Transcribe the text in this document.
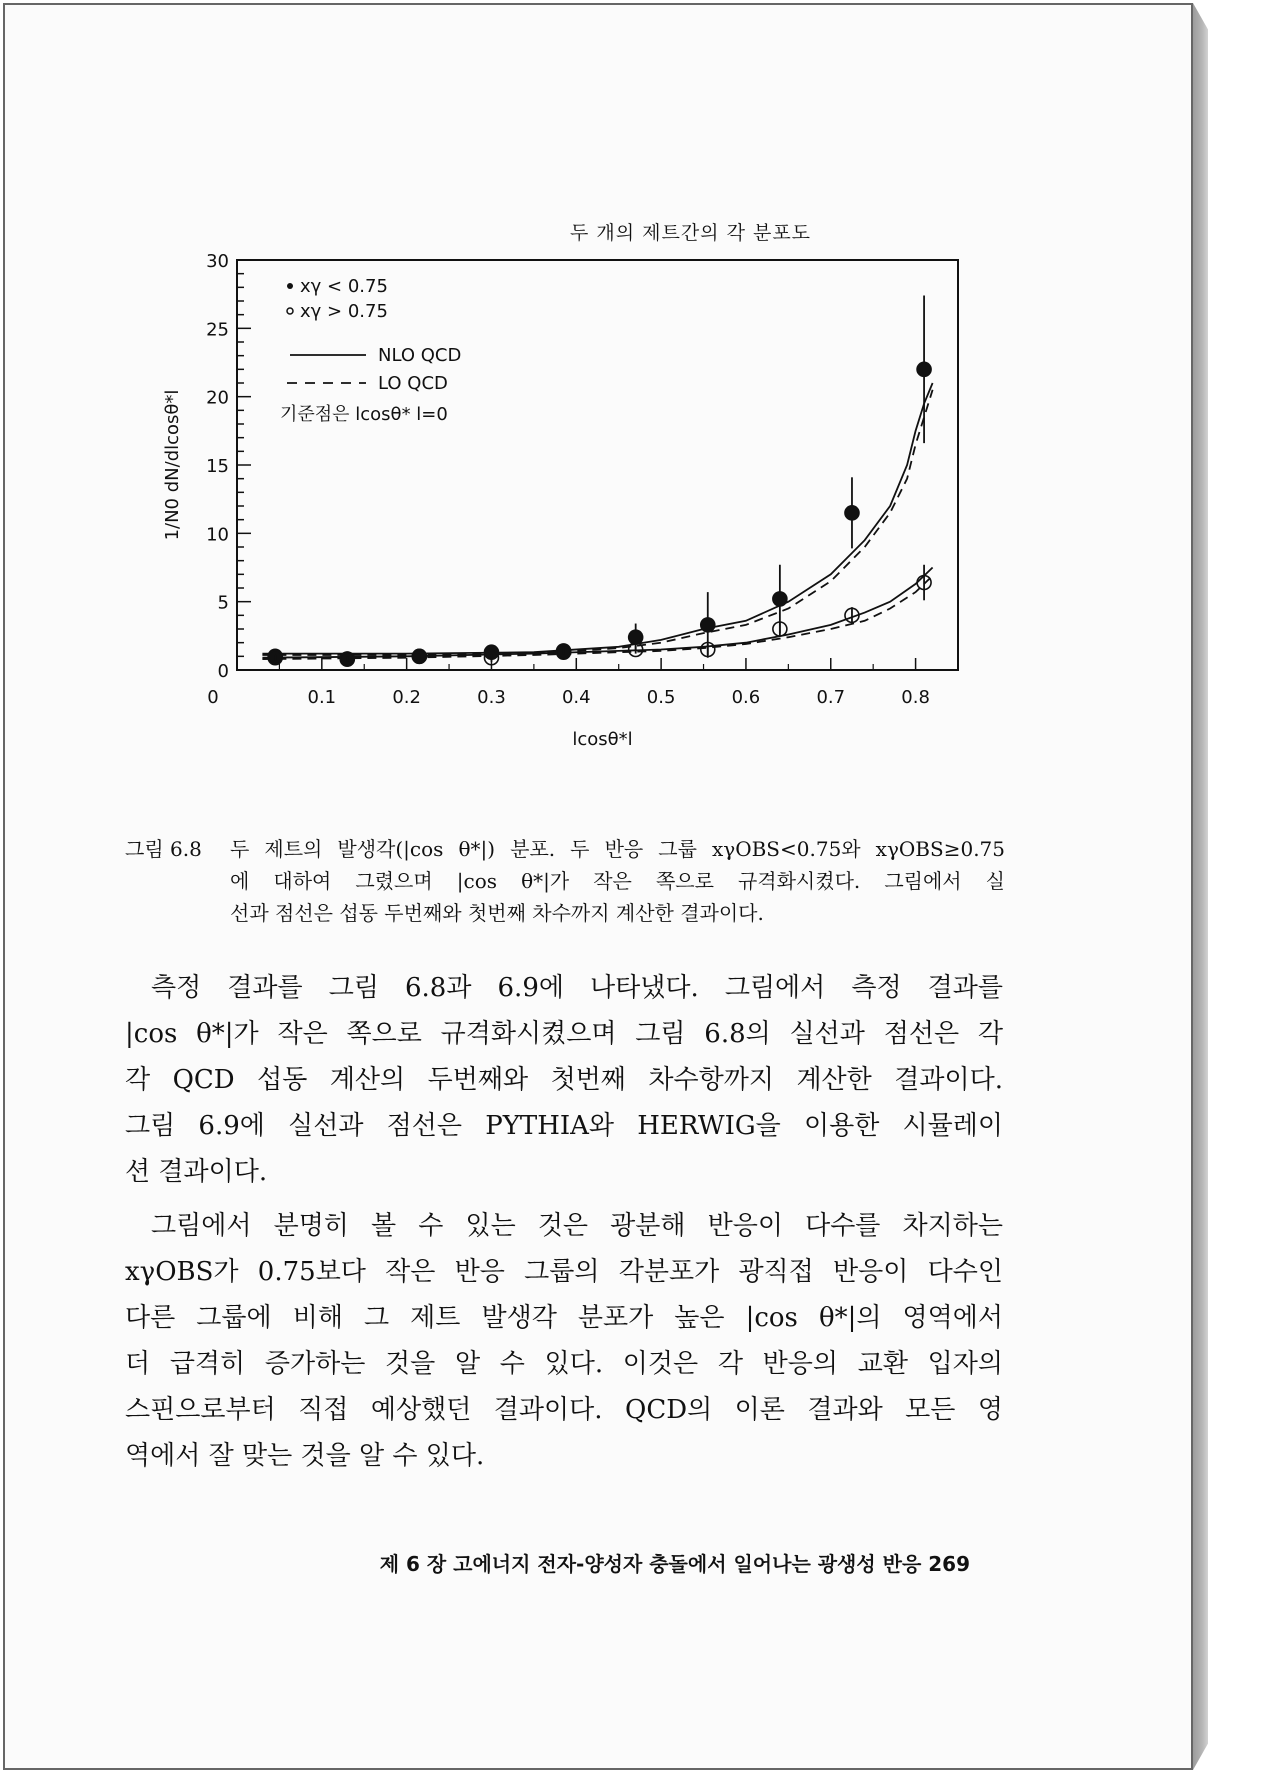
두 개의 제트간의 각 분포도
0
5
10
15
20
25
30
0	0.1	0.2	0.3	0.4	0.5	0.6	0.7	0.8
lcosθ*l
1/N0 dN/dlcosθ*l
xγ < 0.75
xγ > 0.75
NLO QCD
LO QCD
기준점은 lcosθ* l=0
그림 6.8	두 제트의 발생각(|cos θ*|) 분포. 두 반응 그룹 xγOBS<0.75와 xγOBS≥0.75
에 대하여 그렸으며 |cos θ*|가 작은 쪽으로 규격화시켰다. 그림에서 실
선과 점선은 섭동 두번째와 첫번째 차수까지 계산한 결과이다.
측정 결과를 그림 6.8과 6.9에 나타냈다. 그림에서 측정 결과를
|cos θ*|가 작은 쪽으로 규격화시켰으며 그림 6.8의 실선과 점선은 각
각 QCD 섭동 계산의 두번째와 첫번째 차수항까지 계산한 결과이다.
그림 6.9에 실선과 점선은 PYTHIA와 HERWIG을 이용한 시뮬레이
션 결과이다.
그림에서 분명히 볼 수 있는 것은 광분해 반응이 다수를 차지하는
xγOBS가 0.75보다 작은 반응 그룹의 각분포가 광직접 반응이 다수인
다른 그룹에 비해 그 제트 발생각 분포가 높은 |cos θ*|의 영역에서
더 급격히 증가하는 것을 알 수 있다. 이것은 각 반응의 교환 입자의
스핀으로부터 직접 예상했던 결과이다. QCD의 이론 결과와 모든 영
역에서 잘 맞는 것을 알 수 있다.
제 6 장 고에너지 전자-양성자 충돌에서 일어나는 광생성 반응 269
